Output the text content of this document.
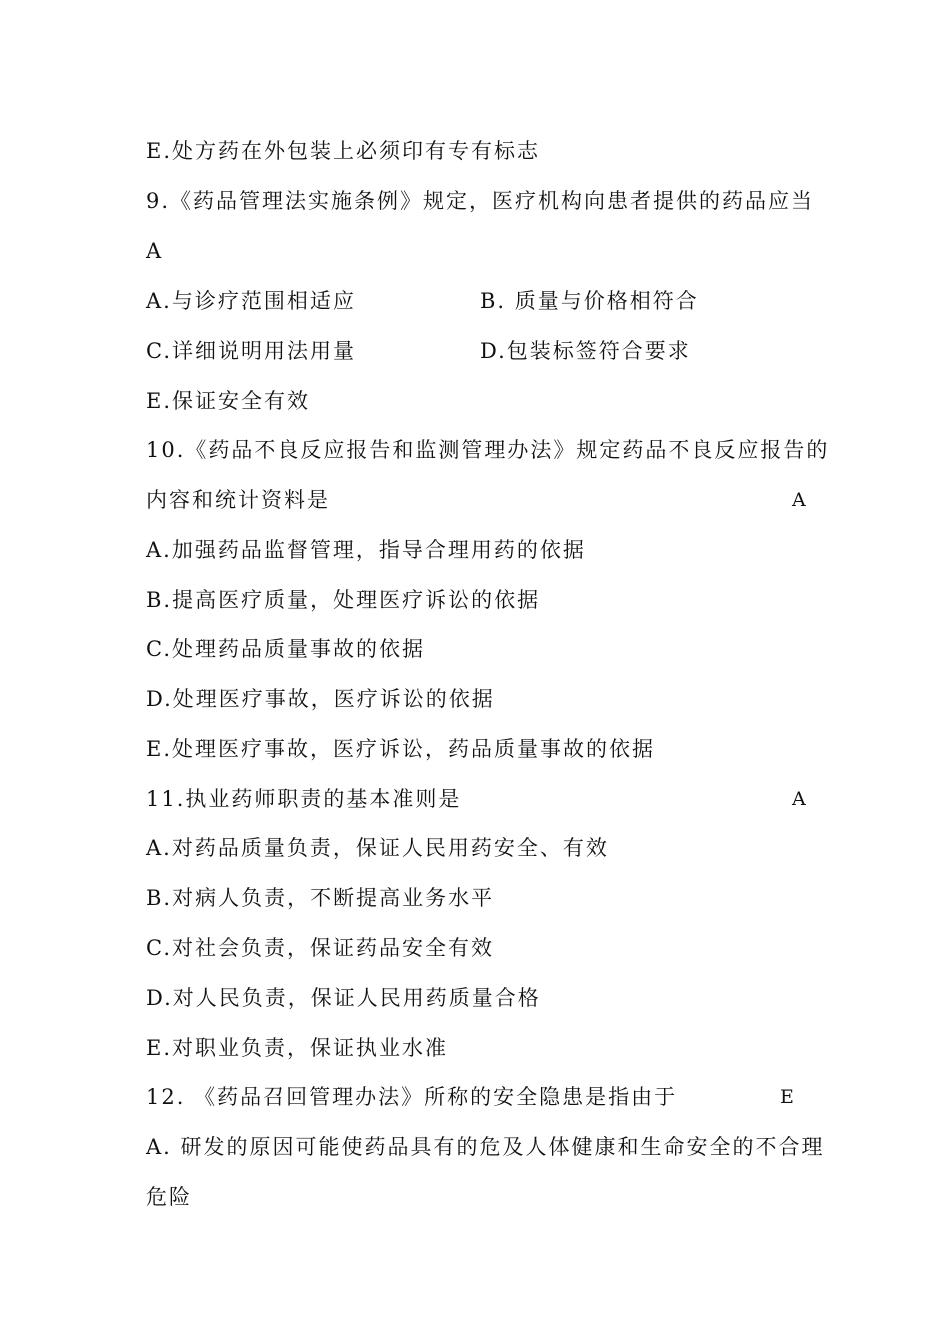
E.处方药在外包装上必须印有专有标志
9.《药品管理法实施条例》规定，医疗机构向患者提供的药品应当
A
A.与诊疗范围相适应	B. 质量与价格相符合
C.详细说明用法用量	D.包装标签符合要求
E.保证安全有效
10.《药品不良反应报告和监测管理办法》规定药品不良反应报告的
内容和统计资料是	A
A.加强药品监督管理，指导合理用药的依据
B.提高医疗质量，处理医疗诉讼的依据
C.处理药品质量事故的依据
D.处理医疗事故，医疗诉讼的依据
E.处理医疗事故，医疗诉讼，药品质量事故的依据
11.执业药师职责的基本准则是	A
A.对药品质量负责，保证人民用药安全、有效
B.对病人负责，不断提高业务水平
C.对社会负责，保证药品安全有效
D.对人民负责，保证人民用药质量合格
E.对职业负责，保证执业水准
12. 《药品召回管理办法》所称的安全隐患是指由于	E
A. 研发的原因可能使药品具有的危及人体健康和生命安全的不合理
危险
